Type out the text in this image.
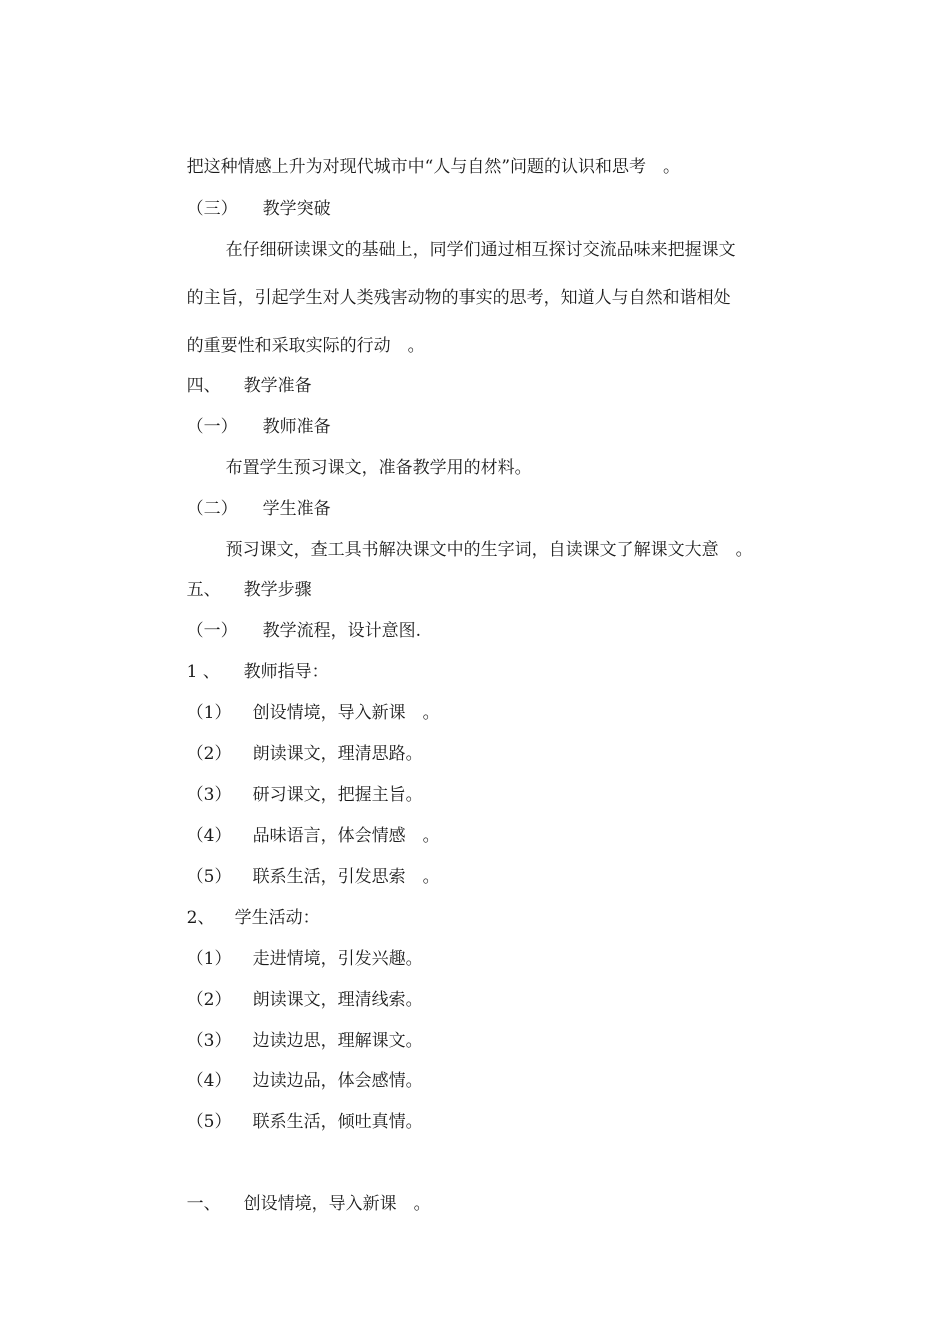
把这种情感上升为对现代城市中“人与自然”问题的认识和思考　。

（三） 教学突破

在仔细研读课文的基础上，同学们通过相互探讨交流品味来把握课文

的主旨，引起学生对人类残害动物的事实的思考，知道人与自然和谐相处

的重要性和采取实际的行动　。

四、 教学准备

（一） 教师准备

布置学生预习课文，准备教学用的材料。

（二） 学生准备

预习课文，查工具书解决课文中的生字词，自读课文了解课文大意　。

五、 教学步骤

（一） 教学流程，设计意图.

1 、 教师指导：

（1） 创设情境，导入新课　。

（2） 朗读课文，理清思路。

（3） 研习课文，把握主旨。

（4） 品味语言，体会情感　。

（5） 联系生活，引发思索　。

2、 学生活动：

（1） 走进情境，引发兴趣。

（2） 朗读课文，理清线索。

（3） 边读边思，理解课文。

（4） 边读边品，体会感情。

（5） 联系生活，倾吐真情。

一、 创设情境，导入新课　。
